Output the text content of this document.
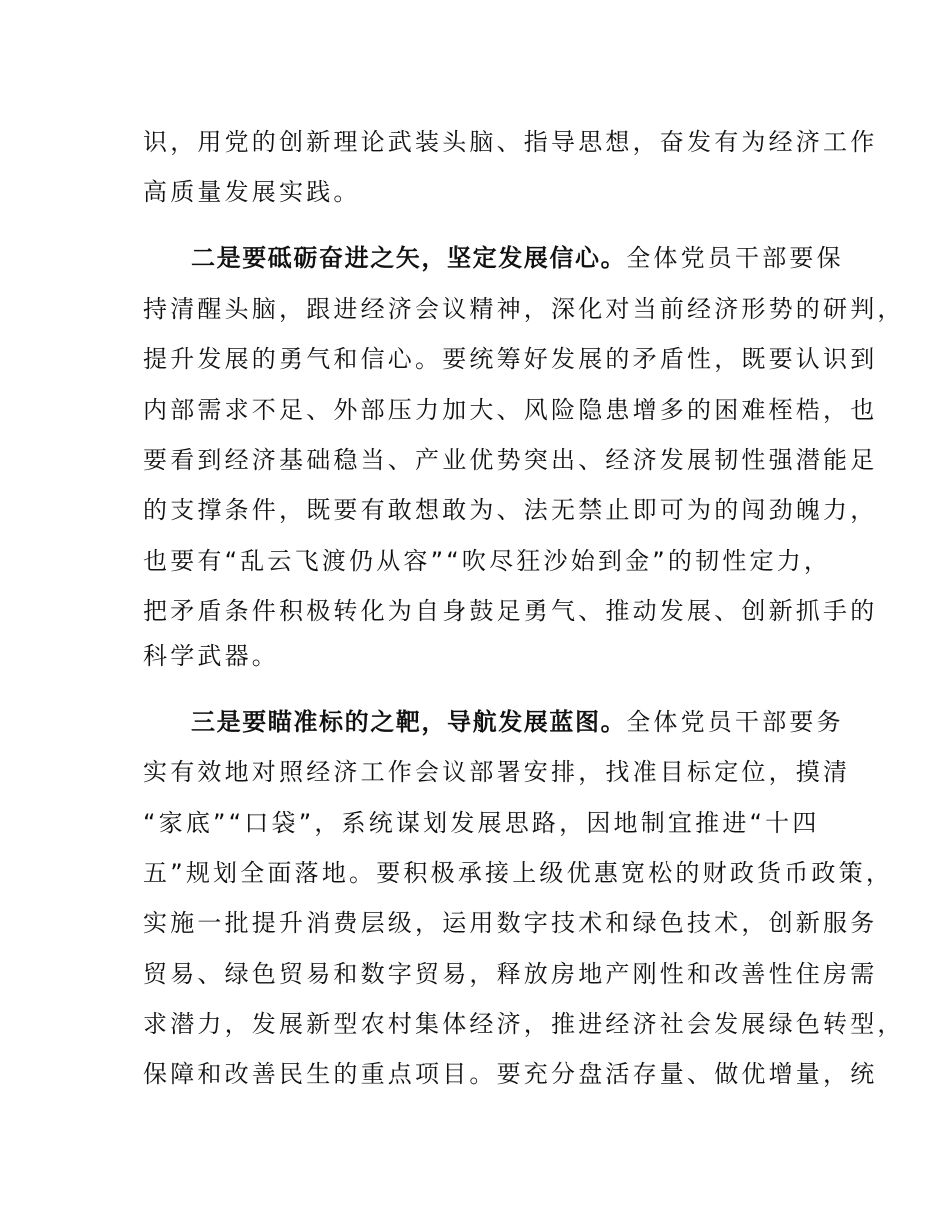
识，用党的创新理论武装头脑、指导思想，奋发有为经济工作
高质量发展实践。
二是要砥砺奋进之矢，坚定发展信心。全体党员干部要保
持清醒头脑，跟进经济会议精神，深化对当前经济形势的研判，
提升发展的勇气和信心。要统筹好发展的矛盾性，既要认识到
内部需求不足、外部压力加大、风险隐患增多的困难桎梏，也
要看到经济基础稳当、产业优势突出、经济发展韧性强潜能足
的支撑条件，既要有敢想敢为、法无禁止即可为的闯劲魄力，
也要有“乱云飞渡仍从容”“吹尽狂沙始到金”的韧性定力，
把矛盾条件积极转化为自身鼓足勇气、推动发展、创新抓手的
科学武器。
三是要瞄准标的之靶，导航发展蓝图。全体党员干部要务
实有效地对照经济工作会议部署安排，找准目标定位，摸清
“家底”“口袋”，系统谋划发展思路，因地制宜推进“十四
五”规划全面落地。要积极承接上级优惠宽松的财政货币政策，
实施一批提升消费层级，运用数字技术和绿色技术，创新服务
贸易、绿色贸易和数字贸易，释放房地产刚性和改善性住房需
求潜力，发展新型农村集体经济，推进经济社会发展绿色转型，
保障和改善民生的重点项目。要充分盘活存量、做优增量，统
